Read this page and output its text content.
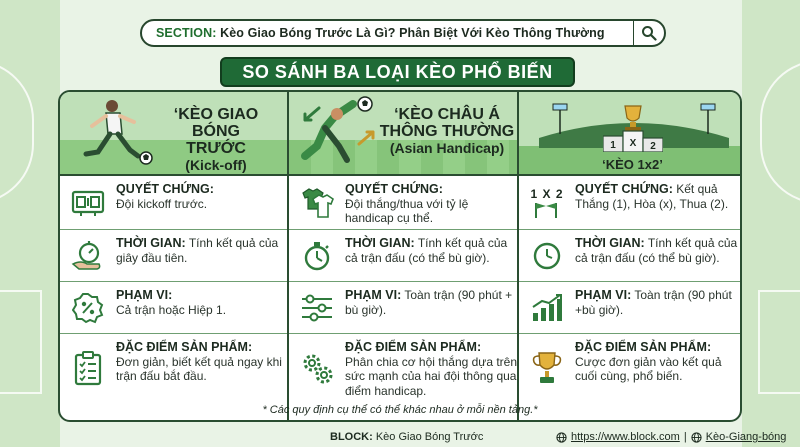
SECTION: Kèo Giao Bóng Trước Là Gì? Phân Biệt Với Kèo Thông Thường
SO SÁNH BA LOẠI KÈO PHỔ BIẾN
‘KÈO GIAO BÓNG
TRƯỚC
(Kick-off)
QUYẾT CHỨNG:
Đội kickoff trước.
THỜI GIAN: Tính kết quả của giây đầu tiên.
PHẠM VI:
Cả trận hoặc Hiệp 1.
ĐẶC ĐIỂM SẢN PHẨM:
Đơn giản, biết kết quả ngay khi trận đấu bắt đầu.
‘KÈO CHÂU Á
THÔNG THƯỜNG
(Asian Handicap)
QUYẾT CHỨNG:
Đội thắng/thua với tỷ lệ handicap cụ thể.
THỜI GIAN: Tính kết quả của cả trận đấu (có thể bù giờ).
PHẠM VI: Toàn trận (90 phút + bù giờ).
ĐẶC ĐIỂM SẢN PHẨM:
Phân chia cơ hội thắng dựa trên sức mạnh của hai đội thông qua điểm handicap.
1 X 2
‘KÈO 1x2’
1 X 2 QUYẾT CHỨNG: Kết quả Thắng (1), Hòa (x), Thua (2).
THỜI GIAN: Tính kết quả của cả trận đấu (có thể bù giờ).
PHẠM VI: Toàn trận (90 phút +bù giờ).
ĐẶC ĐIỂM SẢN PHẨM:
Cược đơn giản vào kết quả cuối cùng, phổ biến.
* Các quy định cụ thể có thể khác nhau ở mỗi nền tảng.*
BLOCK: Kèo Giao Bóng Trước	https://www.block.com | Kèo-Giang-bóng
